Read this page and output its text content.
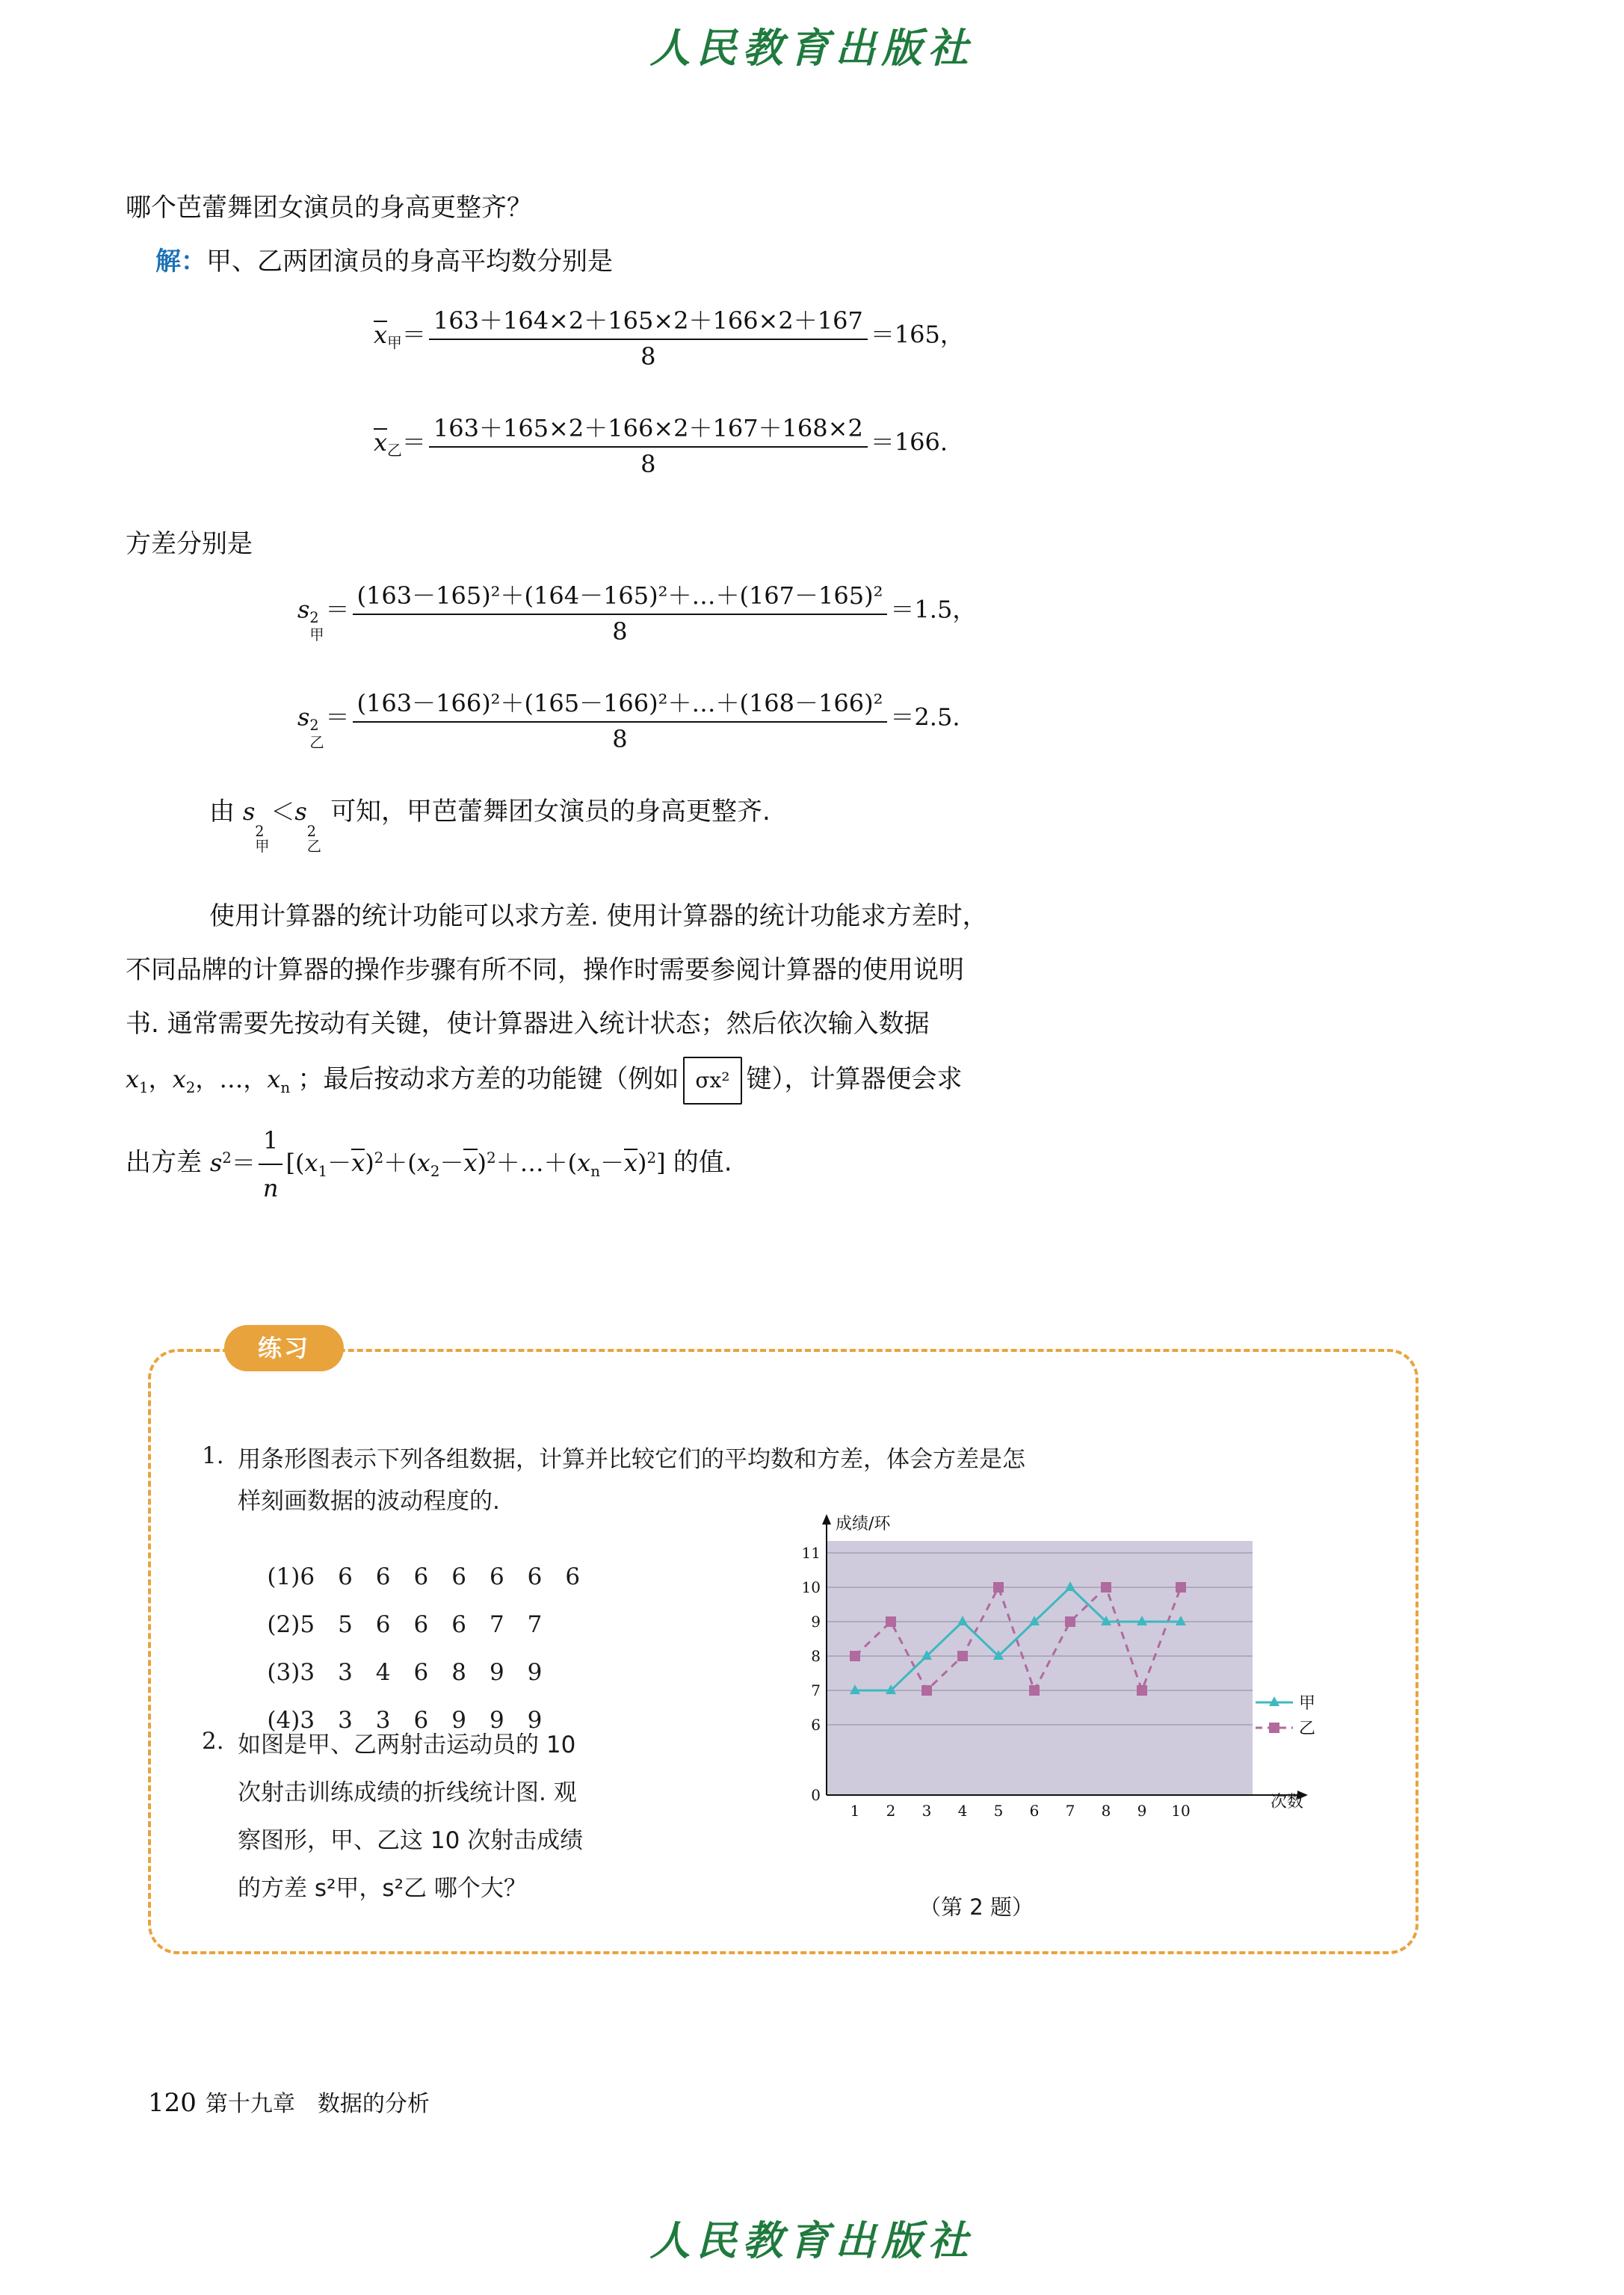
人民教育出版社
哪个芭蕾舞团女演员的身高更整齐？
解：甲、乙两团演员的身高平均数分别是
$x_甲= \frac{163+164\times 2+165\times 2+166\times 2+167}{8} =165$，
$x_乙= \frac{163+165\times 2+166\times 2+167+168\times 2}{8} =166$.
方差分别是
s 2
甲
＝ $\frac{\text{(163－165)²＋(164－165)²＋…＋(167－165)²}}{8} =1.5$，
s 2
乙
＝ $\frac{\text{(163－166)²＋(165－166)²＋…＋(168－166)²}}{8} =2.5$.
由 s
2
甲
＜s
2
乙
可知，甲芭蕾舞团女演员的身高更整齐.
使用计算器的统计功能可以求方差. 使用计算器的统计功能求方差时，
不同品牌的计算器的操作步骤有所不同，操作时需要参阅计算器的使用说明
书. 通常需要先按动有关键，使计算器进入统计状态；然后依次输入数据
$x_1$，$x_2$，…，$x_n$ ；最后按动求方差的功能键（例如 σx² 键），计算器便会求
出方差 $s^2= \frac{1}{n}$ $[(x_1-x)^2+(x_2-x)^2+\dots+(x_n-x)^2]$ 的值.
练习
1. 用条形图表示下列各组数据，计算并比较它们的平均数和方差，体会方差是怎
样刻画数据的波动程度的.

(1)6　6　6　6　6　6　6　6

(2)5　5　6　6　6　7　7

(3)3　3　4　6　8　9　9

(4)3　3　3　6　9　9　9

2. 如图是甲、乙两射击运动员的 10
次射击训练成绩的折线统计图. 观
察图形，甲、乙这 10 次射击成绩
的方差 s²甲，s²乙 哪个大？
11
10
9
8
7
6
0
1 2 3 4 5 6 7 8 9 10
成绩/环
次数
甲
乙
（第 2 题）
120 第十九章　数据的分析
人民教育出版社
